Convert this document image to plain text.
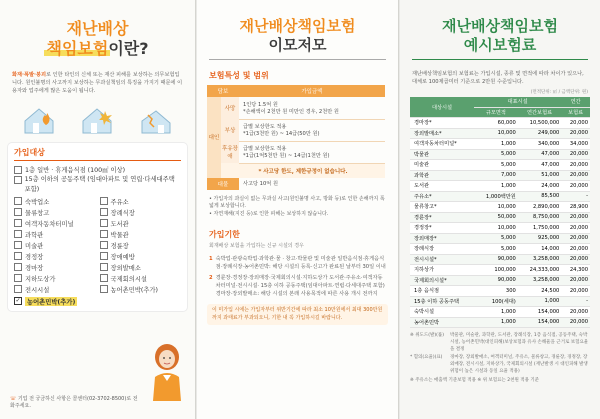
재난배상
책임보험이란?
화재·폭발·붕괴로 인한 타인의 신체 또는 재산 피해를 보상하는 의무보험입니다. 원인불명의 사고까지 보상하는 무과실책임의 특징을 가지기 때문에 이용자와 업주에게 많은 도움이 됩니다.
가입대상
1층 일반 · 휴게음식점 (100㎡ 이상)
15층 이하의 공동주택 (임대아파트 및 연립·다세대주택 포함)
숙박업소	주유소
물류창고	장례식장
여객자동차터미널	도서관
과학관	박물관
미술관	경륜장
경정장	장애예방
경마장	장외발매소
지하도상가	국제회의시설
전시시설	농어촌민박(추가)
✓	농어촌민박(추가)
☏ 기업 전 궁금하신 사항은 콜센터(02-3702-8500)로 전화주세요.
재난배상책임보험
이모저모
보험특성 및 범위
담보		가입금액
대인	사망	1인당 1.5억 원
*손해액이 2천만 원 미만인 경우, 2천만 원

	부상	급별 보상한도 적용
*1급(3천만 원) ~ 14급(50만 원)

	후유장애	급별 보상한도 적용
*1급(1억5천만 원) ~ 14급(1천만 원)

	* 사고당 한도, 제한규정이 없습니다.	
대물		사고당 10억 원
• 가입자의 과실이 없는 무과실 사고(원인불명 사고, 방화 등)로 인한 손해까지 폭넓게 보상합니다.
• 자연재해(지진 등)로 인한 피해는 보상하지 않습니다.
가입기한
회재배상 보험을 가입하는 신규 시설의 경우
1 숙박업·관광숙박업·과학관·물 · 창고·박물관 및 미술관 일반음식점·휴게음식점·장례식장·농어촌민박: 해당 시설의 등록·신고가 완료된 날부터 30일 이내
2 경륜장·경정장·장외매장·국제회의시설·지하도상가 도서관·주유소·여객자동차터미널·전시시설· 15층 이하 공동주택(임대아파트·연립·다세대주택 포함) 경마장·장외발매소: 해당 시설의 본래 사용목적에 따른 사용 개시 전까지
이 미가입 시에는 가입자부터 위반기간에 따라 최소 10만원에서 최대 300만원까지 과태료가 부과되오니, 기한 내 꼭 가입하시길 바랍니다.
재난배상책임보험
예시보험료
재난배상책임보험의 보험료는 가입시설, 종류 및 면적에 따라 차이가 있으나, 대체로 100제곱미터 기준으로 2만원 수준입니다.
(면적단위: ㎡ / 금액단위: 원)
대상시설	대표시설		연간
	규모면적	연간보험료	보험료
경마장*	60,000	10,500,000	20,000
장외발매소*	10,000	249,000	20,000
여객자동차터미널*	1,000	340,000	34,000
박물관	5,000	47,000	20,000
미술관	5,000	47,000	20,000
과학관	7,000	51,000	20,000
도서관	1,000	24,000	20,000
주유소*	1,000백만원	85,500	-
물류창고*	10,000	2,890,000	28,900
경륜장*	50,000	8,750,000	20,000
경정장*	10,000	1,750,000	20,000
장외매장*	5,000	925,000	20,000
장례식장	5,000	14,000	20,000
전시시설*	90,000	3,258,000	20,000
지하상가	100,000	24,333,000	24,300
국제회의시설*	90,000	3,258,000	20,000
1층 음식점	300	24,500	20,000
15층 이하 공동주택	100(세대)	1,000	-
숙박시설	1,000	154,000	20,000
농어촌민박	1,000	154,000	20,000
※ 위도드(발)(률)	박물관, 미술관, 과학관, 도서관, 장례식장, 1층 음식점, 공동주택, 숙박시설, 농어촌민박(대인피해)보상보험과 유사 손해율을 근거로 보험요율을 결정
* 혈의(요율)(표)	경마장, 장외발매소, 여객터미널, 주유소, 물류창고, 경륜장, 경정장, 장외매장, 전시시설, 지하상가, 국제회의시설 (재난발생 시 대인피해 발생 위험이 높은 시설과 동일 요율 적용)
※ 주유소는 매출액 기준보험 적용 ※ 위 보험료는 2천원 적용 기준
